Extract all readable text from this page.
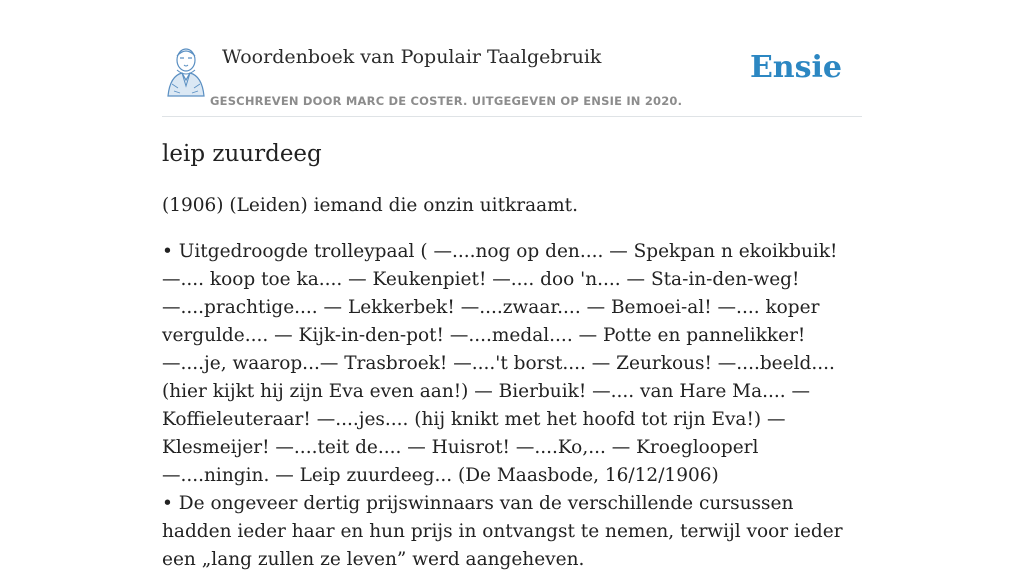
Woordenboek van Populair Taalgebruik
GESCHREVEN DOOR MARC DE COSTER. UITGEGEVEN OP ENSIE IN 2020.
Ensie
leip zuurdeeg

(1906) (Leiden) iemand die onzin uitkraamt.

• Uitgedroogde trolleypaal ( —....nog op den.... — Spekpan n ekoikbuik! —.... koop toe ka.... — Keukenpiet! —.... doo 'n.... — Sta-in-den-weg! —....prachtige.... — Lekkerbek! —....zwaar.... — Bemoei-al! —.... koper vergulde.... — Kijk-in-den-pot! —....medal.... — Potte en pannelikker! —....je, waarop...— Trasbroek! —....'t borst.... — Zeurkous! —....beeld.... (hier kijkt hij zijn Eva even aan!) — Bierbuik! —.... van Hare Ma.... — Koffieleuteraar! —....jes.... (hij knikt met het hoofd tot rijn Eva!) — Klesmeijer! —....teit de.... — Huisrot! —....Ko,... — Kroeglooperl —....ningin. — Leip zuurdeeg... (De Maasbode, 16/12/1906)

• De ongeveer dertig prijswinnaars van de verschillende cursussen hadden ieder haar en hun prijs in ontvangst te nemen, terwijl voor ieder een „lang zullen ze leven” werd aangeheven.
